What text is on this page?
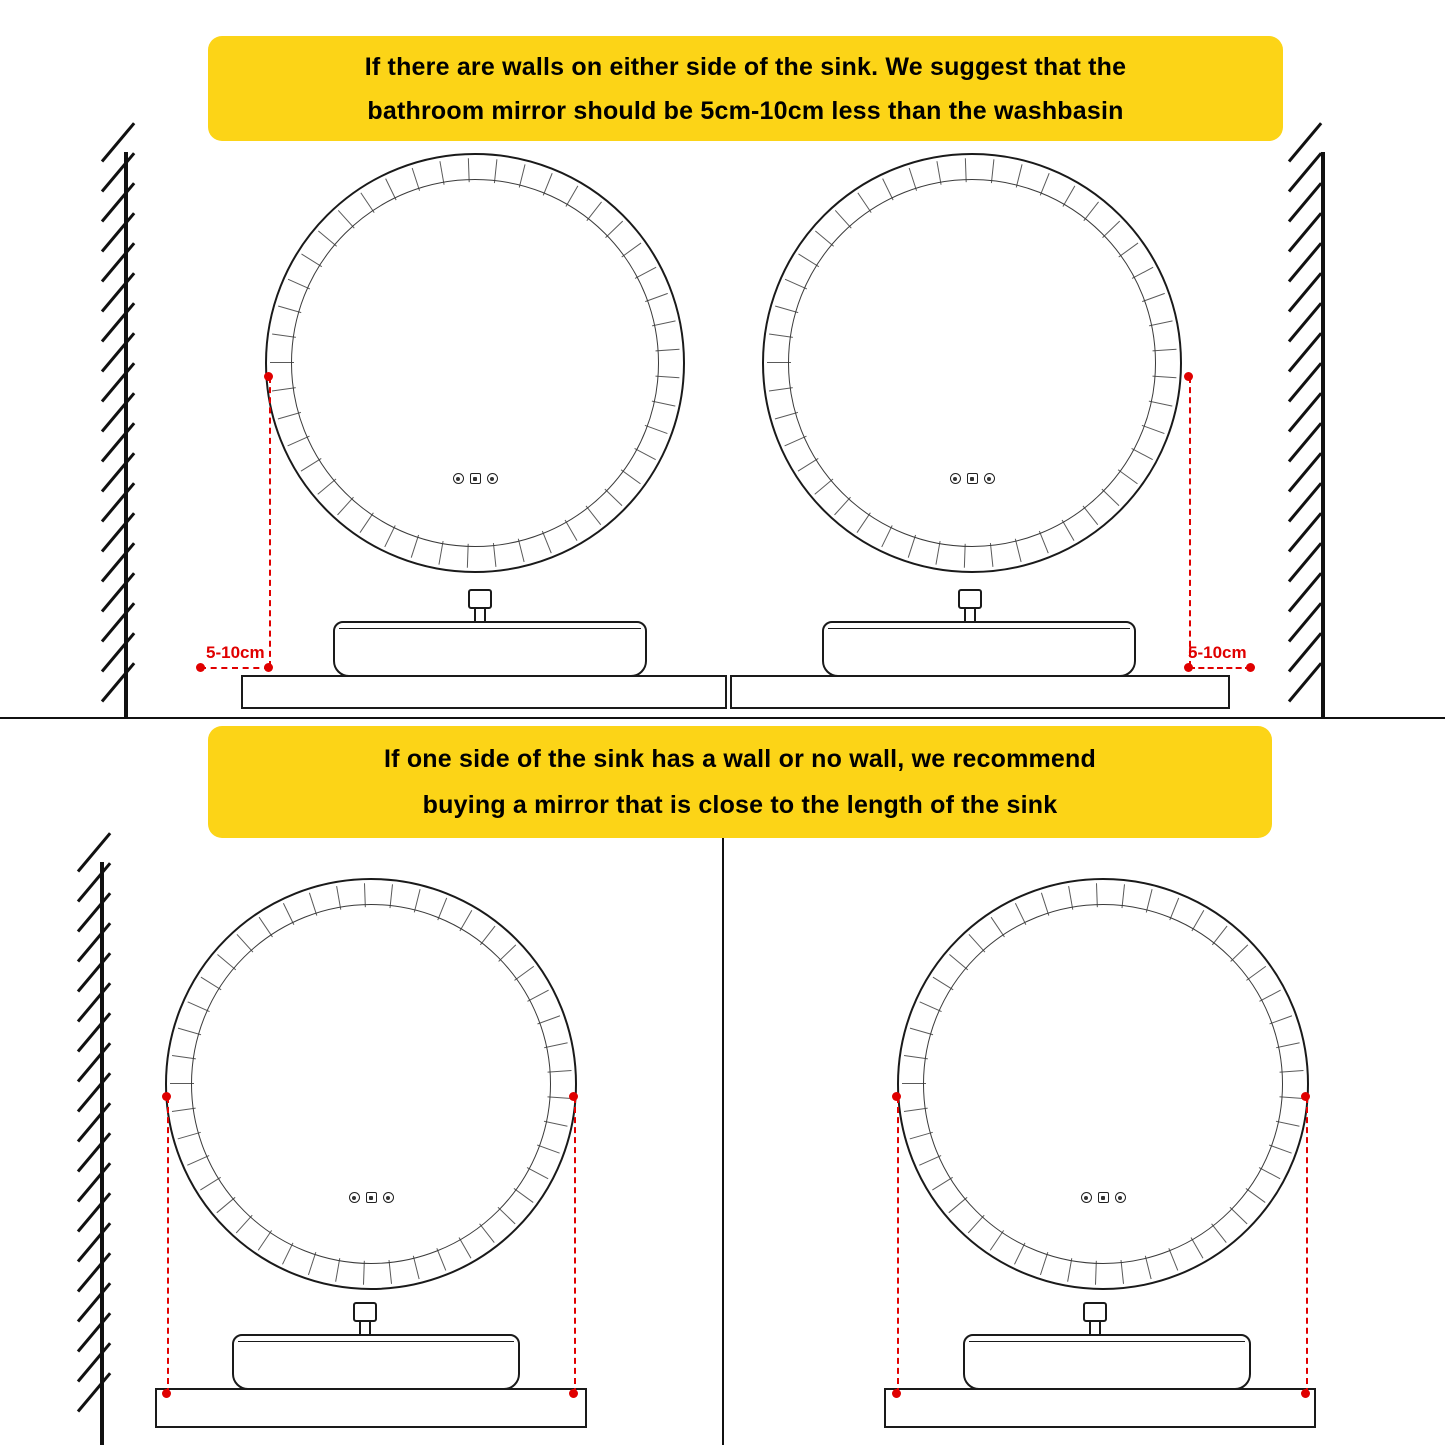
If there are walls on either side of the sink. We suggest that the
bathroom mirror should be 5cm-10cm less than the washbasin
5-10cm	5-10cm
If one side of the sink has a wall or no wall, we recommend
buying a mirror that is close to the length of the sink
